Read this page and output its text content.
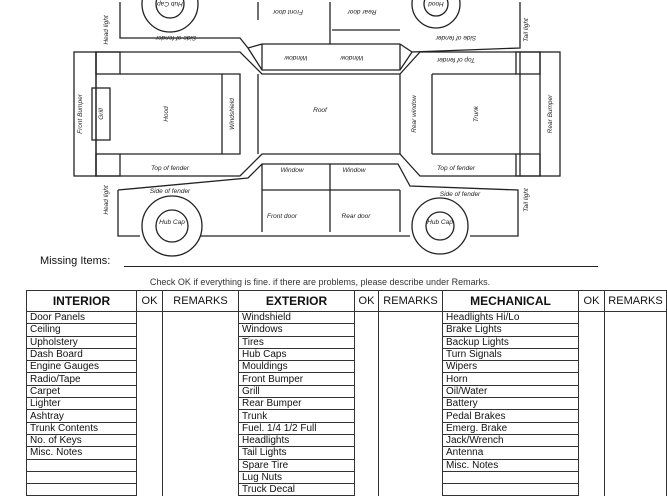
Hub Cap	Hood
Front door	Rear door
Side of fender	Side of fender
Window	Window	Top of fender
Head light	Tail light
Front Bumper Grill	Hood	Windshield	Roof	Rear window	Trunk	Rear Bumper
Top of fender	Top of fender
Window	Window
Side of fender	Side of fender
Front door	Rear door
Hub Cap	Hub Cap
Head light	Tail light
Missing Items:
Check OK if everything is fine. if there are problems, please describe under Remarks.
INTERIOR	OK	REMARKS	EXTERIOR	OK	REMARKS	MECHANICAL	OK	REMARKS
Door Panels			Windshield			Headlights Hi/Lo		
Ceiling			Windows			Brake Lights		
Upholstery			Tires			Backup Lights		
Dash Board			Hub Caps			Turn Signals		
Engine Gauges			Mouldings			Wipers		
Radio/Tape			Front Bumper			Horn		
Carpet			Grill			Oil/Water		
Lighter			Rear Bumper			Battery		
Ashtray			Trunk			Pedal Brakes		
Trunk Contents			Fuel. 1/4 1/2 Full			Emerg. Brake		
No. of Keys			Headlights			Jack/Wrench		
Misc. Notes			Tail Lights			Antenna		
			Spare Tire			Misc. Notes		
			Lug Nuts					
			Truck Decal					
